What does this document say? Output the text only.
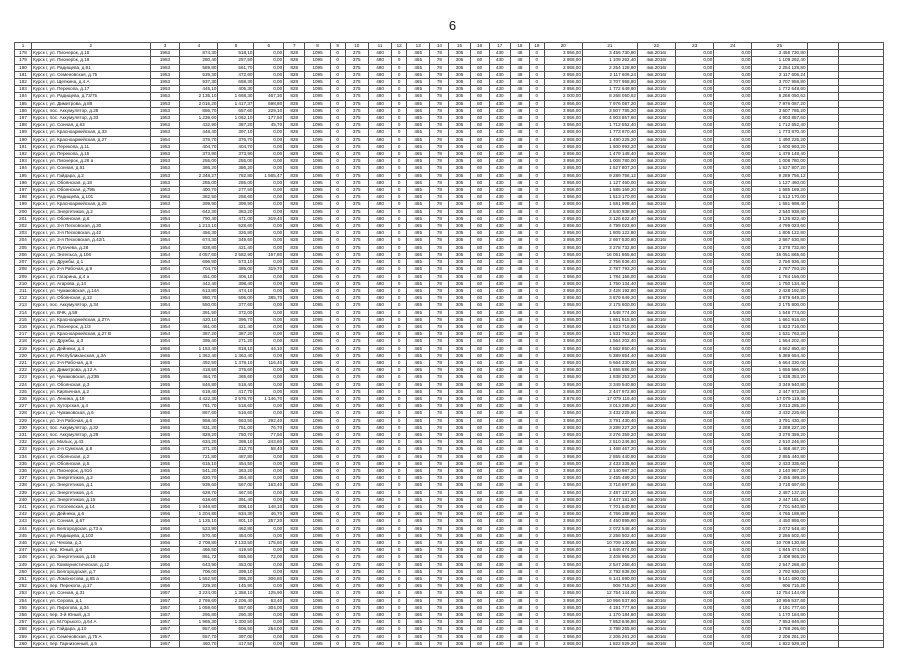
6
1	2	3	4	5	6	7	8	9	10	11	12	13	14	15	16	17	18	19	20	21	22	23	24	25		
178	Курск г, ул. Пионерок, д.15	1953	874,30	518,10	0,00	828	1095	0	375	480	0	465	78	305	60	430	48	0	3 956,00	3 456 730,80	4кв.2016г	0,00	0,00	3 456 730,80		
179	Курск г, ул. Пионерок, д.19	1953	280,40	257,50	0,00	828	1095	0	375	480	0	465	78	305	60	430	48	0	3 956,00	1 109 262,40	4кв.2016г	0,00	0,00	1 109 262,40		
180	Курск г, ул. Радищева, д.91	1953	589,80	561,70	0,00	828	1095	0	375	480	0	465	78	305	60	430	48	0	3 956,00	2 254 128,80	4кв.2016г	0,00	0,00	2 254 128,80		
181	Курск г, ул. Семеновская, д.75	1953	535,30	472,60	0,00	828	1095	0	375	480	0	465	78	305	60	430	48	0	3 956,00	2 117 606,24	4кв.2016г	0,00	0,00	2 117 606,24		
182	Курск г, ул. Щепкина, д.4 А	1953	937,30	658,30	0,00	828	1095	0	375	480	0	465	78	305	60	430	48	0	3 956,00	3 707 958,80	4кв.2016г	0,00	0,00	3 707 958,80		
183	Курск г, ул. Перекопа, д.17	1953	445,10	405,30	0,00	828	1095	0	375	480	0	465	78	305	60	430	48	0	3 956,00	1 772 649,60	4кв.2016г	0,00	0,00	1 772 649,60		
184	Курск г, ул. Радищева, д.73/75	1953	2 135,10	1 668,30	467,30	828	1095	0	375	480	0	465	78	305	60	430	48	0	2 000,00	8 268 050,62	4кв.2016г	0,00	0,00	8 268 050,62		
185	Курск г, ул. Димитрова, д.88	1953	2 016,20	1 417,37	598,80	828	1095	0	375	480	0	465	78	305	60	430	48	0	3 956,00	7 976 087,20	4кв.2016г	0,00	0,00	7 976 087,20		
186	Курск г, пос. Аккумулятор, д.28	1953	886,70	657,60	229,10	828	1095	0	375	480	0	465	78	305	60	430	48	0	3 956,00	3 507 785,20	4кв.2016г	0,00	0,00	3 507 785,20		
187	Курск г, пос. Аккумулятор, д.33	1953	1 239,60	1 062,10	177,50	828	1095	0	375	480	0	465	78	305	60	430	48	0	3 956,00	4 903 857,60	4кв.2016г	0,00	0,00	4 903 857,60		
188	Курск г, ул. Сонная, д.63	1953	432,90	387,20	45,70	828	1095	0	375	480	0	465	78	305	60	430	48	0	3 956,00	1 712 552,40	4кв.2016г	0,00	0,00	1 712 552,40		
189	Курск г, ул. Красноармейская, д.33	1953	448,40	397,10	0,00	828	1095	0	375	480	0	465	78	305	60	430	48	0	3 956,00	1 773 870,40	4кв.2016г	0,00	0,00	1 773 870,40		
190	Курск г, ул. Красноармейская, д.27	1954	376,70	376,70	0,00	828	1095	0	375	480	0	465	78	305	60	430	48	0	3 956,00	1 490 225,20	4кв.2016г	0,00	0,00	1 490 225,20		
191	Курск г, ул. Перекопа, д.11	1953	404,70	404,70	0,00	828	1095	0	375	480	0	465	78	305	60	430	48	0	3 956,00	1 600 993,20	4кв.2016г	0,00	0,00	1 600 993,20		
192	Курск г, ул. Перекопа, д.15	1953	373,90	373,90	0,00	828	1095	0	375	480	0	465	78	305	60	430	48	0	3 956,00	1 479 148,40	4кв.2016г	0,00	0,00	1 479 148,40		
193	Курск г, ул. Пионерок, д.26 а	1953	255,00	255,00	0,00	828	1095	0	375	480	0	465	78	305	60	430	48	0	3 956,00	1 008 780,00	4кв.2016г	0,00	0,00	1 008 780,00		
194	Курск г, ул. Сонная, д.61	1953	386,20	386,20	0,00	828	1095	0	375	480	0	465	78	305	60	430	48	0	3 956,00	1 527 807,20	4кв.2016г	0,00	0,00	1 527 807,20		
195	Курск г, ул. Гайдара, д.2	1953	2 348,27	782,80	1 565,47	828	1095	0	375	480	0	465	78	305	60	430	48	0	3 956,00	9 289 756,12	4кв.2016г	0,00	0,00	9 289 756,12		
196	Курск г, ул. Обоянская, д.18	1953	285,00	285,00	0,00	828	1095	0	375	480	0	465	78	305	60	430	48	0	3 956,00	1 127 460,00	4кв.2016г	0,00	0,00	1 127 460,00		
197	Курск г, ул. Обоянская, д.79Б	1953	400,70	277,50	0,00	828	1095	0	375	480	0	465	78	305	60	430	48	0	3 956,00	1 585 169,20	4кв.2016г	0,00	0,00	1 585 169,20		
198	Курск г, ул. Радищева, д.101	1953	382,50	258,60	0,00	828	1095	0	375	480	0	465	78	305	60	430	48	0	3 956,00	1 513 170,00	4кв.2016г	0,00	0,00	1 513 170,00		
199	Курск г, ул. Красноармейская, д.25	1953	399,90	399,90	0,00	828	1095	0	375	480	0	465	78	305	60	430	48	0	3 956,00	1 581 998,40	4кв.2016г	0,00	0,00	1 581 998,40		
200	Курск г, ул. Энергетиков, д.2	1954	642,30	383,20	0,00	828	1095	0	375	480	0	465	78	305	60	430	48	0	3 956,00	2 540 938,80	4кв.2016г	0,00	0,00	2 540 938,80		
201	Курск г, ул. Обоянская, д.6	1954	790,40	471,00	319,40	828	1095	0	375	480	0	465	78	305	60	430	48	0	3 956,00	3 126 822,40	4кв.2016г	0,00	0,00	3 126 822,40		
202	Курск г, ул. 3-я Песковская, д.30	1954	1 213,10	528,60	0,00	828	1095	0	375	480	0	465	78	305	60	430	48	0	3 956,00	4 799 023,60	4кв.2016г	0,00	0,00	4 799 023,60		
203	Курск г, ул. 3-я Песковская, д.42	1954	456,30	326,80	0,00	828	1095	0	375	480	0	465	78	305	60	430	48	0	3 956,00	1 805 122,80	4кв.2016г	0,00	0,00	1 805 122,80		
204	Курск г, ул. 3-я Песковская, д.42/1	1954	674,30	349,60	0,00	828	1095	0	375	480	0	465	78	305	60	430	48	0	3 956,00	2 667 530,80	4кв.2016г	0,00	0,00	2 667 530,80		
205	Курск г, ул. Пугачева, д.28	1954	828,80	421,40	0,00	828	1095	0	375	480	0	465	78	305	60	430	48	0	3 956,00	3 278 732,80	4кв.2016г	0,00	0,00	3 278 732,80		
206	Курск г, ул. Энгельса, д.106	1954	4 057,60	2 582,90	167,80	828	1095	0	375	480	0	465	78	305	60	430	48	0	3 956,00	16 051 865,60	4кв.2016г	0,00	0,00	16 051 865,60		
207	Курск г, ул. Дружбы, д.1	1954	696,90	573,10	0,00	828	1095	0	375	480	0	465	78	305	60	430	48	0	3 956,00	2 756 936,40	4кв.2016г	0,00	0,00	2 756 936,40		
208	Курск г, ул. 2-я Рабочая, д.9	1954	704,70	385,00	319,70	828	1095	0	375	480	0	465	78	305	60	430	48	0	3 956,00	2 787 793,20	4кв.2016г	0,00	0,00	2 787 793,20		
209	Курск г, ул. Гагарина, д.4 а	1954	451,00	406,10	0,00	828	1095	0	375	480	0	465	78	305	60	430	48	0	3 956,00	1 784 156,00	4кв.2016г	0,00	0,00	1 784 156,00		
210	Курск г, ул. Агарова, д.14	1954	442,40	398,40	0,00	828	1095	0	375	480	0	465	78	305	60	430	48	0	3 956,00	1 750 134,40	4кв.2016г	0,00	0,00	1 750 134,40		
211	Курск г, ул. Чумаковская, д.14А	1954	613,80	474,10	0,00	828	1095	0	375	480	0	465	78	305	60	430	48	0	3 956,00	2 428 192,80	4кв.2016г	0,00	0,00	2 428 192,80		
212	Курск г, ул. Обоянская, д.12	1954	980,70	595,00	385,70	828	1095	0	375	480	0	465	78	305	60	430	48	0	3 956,00	3 879 649,20	4кв.2016г	0,00	0,00	3 879 649,20		
213	Курск г, пос. Аккумулятор, д.34	1954	550,00	377,60	0,00	828	1095	0	375	480	0	465	78	305	60	430	48	0	3 956,00	2 175 800,00	4кв.2016г	0,00	0,00	2 175 800,00		
214	Курск г, ул. ВЧК, д.59	1954	391,50	372,00	0,00	828	1095	0	375	480	0	465	78	305	60	430	48	0	3 956,00	1 548 774,00	4кв.2016г	0,00	0,00	1 548 774,00		
215	Курск г, ул. Красноармейская, д.27А	1954	420,10	396,70	0,00	828	1095	0	375	480	0	465	78	305	60	430	48	0	3 956,00	1 661 915,60	4кв.2016г	0,00	0,00	1 661 915,60		
216	Курск г, ул. Пионерок, д.1/3	1954	461,00	421,40	0,00	828	1095	0	375	480	0	465	78	305	60	430	48	0	3 956,00	1 823 716,00	4кв.2016г	0,00	0,00	1 823 716,00		
217	Курск г, ул. Красноармейская, д.27 В	1954	387,20	387,20	0,00	828	1095	0	375	480	0	465	78	305	60	430	48	0	3 956,00	1 531 763,20	4кв.2016г	0,00	0,00	1 531 763,20		
218	Курск г, ул. Дружбы, д.3	1954	395,40	271,20	0,00	828	1095	0	375	480	0	465	78	305	60	430	48	0	3 956,00	1 564 202,40	4кв.2016г	0,00	0,00	1 564 202,40		
219	Курск г, ул. Дейнеки, д.4	1955	1 153,40	818,10	44,10	828	1095	0	375	480	0	465	78	305	60	430	48	0	3 956,00	4 562 850,40	4кв.2016г	0,00	0,00	4 562 850,40		
220	Курск г, ул. Республиканская, д.3А	1955	1 362,40	1 363,40	0,00	828	1095	0	375	480	0	465	78	305	60	430	48	0	3 956,00	5 389 654,40	4кв.2016г	0,00	0,00	5 389 654,40		
221	Курск г, ул. 2-я Рабочая, д.8	1955	492,50	1 378,10	116,40	828	1095	0	375	480	0	465	78	305	60	430	48	0	3 956,00	5 664 330,00	4кв.2016г	0,00	0,00	5 664 330,00		
222	Курск г, ул. Димитрова, д.12 А	1955	418,50	376,60	0,00	828	1095	0	375	480	0	465	78	305	60	430	48	0	3 956,00	1 655 586,00	4кв.2016г	0,00	0,00	1 655 586,00		
223	Курск г, ул. Чумаковская, д.23Б	1955	464,70	365,60	0,00	828	1095	0	375	480	0	465	78	305	60	430	48	0	3 956,00	1 838 353,20	4кв.2016г	0,00	0,00	1 838 353,20		
224	Курск г, ул. Обоянская, д.3	1955	846,80	518,40	0,00	828	1095	0	375	480	0	465	78	305	60	430	48	0	3 956,00	3 349 940,80	4кв.2016г	0,00	0,00	3 349 940,80		
225	Курск г, ул. Кирпичная, д.2	1955	619,40	417,70	0,00	828	1095	0	375	480	0	465	78	305	60	430	48	0	3 956,00	2 447 972,80	4кв.2016г	0,00	0,00	2 447 972,80		
226	Курск г, ул. Ленина, д.19	1955	4 422,30	2 576,70	1 146,70	828	1095	0	375	480	0	465	78	305	60	430	48	0	3 878,00	17 079 119,40	4кв.2016г	0,00	0,00	17 079 119,40		
227	Курск г, ул. Хуторская, д.4	1955	761,70	518,60	0,00	828	1095	0	375	480	0	465	78	305	60	430	48	0	3 956,00	3 013 285,20	4кв.2016г	0,00	0,00	3 013 285,20		
228	Курск г, ул. Чумаковская, д.6	1955	867,60	516,60	0,00	828	1095	0	375	480	0	465	78	305	60	430	48	0	3 956,00	3 432 225,60	4кв.2016г	0,00	0,00	3 432 225,60		
229	Курск г, ул. 2-я Рабочая, д.6	1955	958,40	663,50	292,40	828	1095	0	375	480	0	465	78	305	60	430	48	0	3 956,00	3 791 430,40	4кв.2016г	0,00	0,00	3 791 430,40		
230	Курск г, пос. Аккумулятор, д.32	1955	831,20	751,00	76,70	828	1095	0	375	480	0	465	78	305	60	430	48	0	3 956,00	3 288 227,20	4кв.2016г	0,00	0,00	3 288 227,20		
231	Курск г, пос. Аккумулятор, д.29	1955	828,20	750,70	77,50	828	1095	0	375	480	0	465	78	305	60	430	48	0	3 956,00	3 276 359,20	4кв.2016г	0,00	0,00	3 276 359,20		
232	Курск г, ул. Малых, д.43	1955	634,20	398,10	243,60	828	1095	0	375	480	0	465	78	305	60	430	48	0	3 956,00	2 510 246,80	4кв.2016г	0,00	0,00	2 510 246,80		
233	Курск г, ул. 2-я Сумская, д.8	1955	371,20	312,70	58,40	828	1095	0	375	480	0	465	78	305	60	430	48	0	3 956,00	1 468 467,20	4кв.2016г	0,00	0,00	1 468 467,20		
234	Курск г, ул. Обоянская, д.2	1955	721,80	487,80	0,00	828	1095	0	375	480	0	465	78	305	60	430	48	0	3 956,00	2 855 440,80	4кв.2016г	0,00	0,00	2 855 440,80		
235	Курск г, ул. Обоянская, д.5	1955	615,10	454,50	0,00	828	1095	0	375	480	0	465	78	305	60	430	48	0	3 956,00	2 433 335,60	4кв.2016г	0,00	0,00	2 433 335,60		
236	Курск г, ул. Пионерок, д.91б	1955	541,20	363,20	0,00	828	1095	0	375	480	0	465	78	305	60	430	48	0	3 956,00	2 140 987,20	4кв.2016г	0,00	0,00	2 140 987,20		
237	Курск г, ул. Энергетиков, д.2	1956	620,70	364,40	0,00	828	1095	0	375	480	0	465	78	305	60	430	48	0	3 956,00	2 455 489,20	4кв.2016г	0,00	0,00	2 455 489,20		
238	Курск г, ул. Энергетиков, д.1	1956	939,60	567,00	163,40	828	1095	0	375	480	0	465	78	305	60	430	48	0	3 956,00	3 716 697,60	4кв.2016г	0,00	0,00	3 716 697,60		
239	Курск г, ул. Энергетиков, д.4	1956	628,70	467,50	0,00	828	1095	0	375	480	0	465	78	305	60	430	48	0	3 956,00	2 487 137,20	4кв.2016г	0,00	0,00	2 487 137,20		
240	Курск г, ул. Энергетиков, д.15	1956	618,60	391,40	0,00	828	1095	0	375	480	0	465	78	305	60	430	48	0	3 956,00	2 447 181,60	4кв.2016г	0,00	0,00	2 447 181,60		
241	Курск г, ул. Гоголевская, д.14	1956	1 946,80	808,10	148,10	828	1095	0	375	480	0	465	78	305	60	430	48	0	3 956,00	7 701 540,80	4кв.2016г	0,00	0,00	7 701 540,80		
242	Курск г, ул. Дейнеки, д.6	1956	1 204,80	634,30	46,70	828	1095	0	375	480	0	465	78	305	60	430	48	0	3 956,00	4 766 188,80	4кв.2016г	0,00	0,00	4 766 188,80		
243	Курск г, ул. Сонная, д.67	1956	1 125,10	801,10	257,20	828	1095	0	375	480	0	465	78	305	60	430	48	0	3 956,00	4 450 895,60	4кв.2016г	0,00	0,00	4 450 895,60		
244	Курск г, ул. Белгородская, д.73 а	1956	523,90	462,80	0,00	828	1095	0	375	480	0	465	78	305	60	430	48	0	3 956,00	2 072 548,40	4кв.2016г	0,00	0,00	2 072 548,40		
245	Курск г, ул. Радищева, д.103	1956	570,40	454,00	0,00	828	1095	0	375	480	0	465	78	305	60	430	48	0	3 956,00	2 256 502,40	4кв.2016г	0,00	0,00	2 256 502,40		
246	Курск г, ул. Чехова, д.3	1956	2 708,80	2 133,50	175,60	828	1095	0	375	480	0	465	78	305	60	430	48	0	3 956,00	10 709 130,80	4кв.2016г	0,00	0,00	10 709 130,80		
247	Курск г, пер. Юный, д.6	1956	466,50	419,50	0,00	828	1095	0	375	480	0	465	78	305	60	430	48	0	3 956,00	1 845 474,00	4кв.2016г	0,00	0,00	1 845 474,00		
248	Курск г, ул. Энергетиков, д.18	1956	861,72	655,50	72,00	828	1095	0	375	480	0	465	78	305	60	430	48	0	3 956,00	3 408 965,20	4кв.2016г	0,00	0,00	3 408 965,20		
249	Курск г, ул. Коммунистическая, д.12	1956	643,90	453,00	0,00	828	1095	0	375	480	0	465	78	305	60	430	48	0	3 956,00	2 547 268,40	4кв.2016г	0,00	0,00	2 547 268,40		
250	Курск г, ул. Белгородская, д.7	1956	706,00	399,10	0,00	828	1095	0	375	480	0	465	78	305	60	430	48	0	3 956,00	2 792 936,00	4кв.2016г	0,00	0,00	2 792 936,00		
251	Курск г, ул. Ломоносова, д.85 а	1956	1 552,50	395,20	306,80	828	1095	0	375	480	0	465	78	305	60	430	48	0	3 956,00	6 141 690,00	4кв.2016г	0,00	0,00	6 141 690,00		
252	Курск г, пер. Перекопа, д.17	1956	229,20	145,90	0,00	828	1095	0	375	480	0	465	78	305	60	430	48	0	3 956,00	906 715,20	4кв.2016г	0,00	0,00	906 715,20		
253	Курск г, ул. Сонная, д.31	1957	3 224,00	1 358,10	125,90	828	1095	0	375	480	0	465	78	305	60	430	48	0	3 956,00	12 754 144,00	4кв.2016г	0,00	0,00	12 754 144,00		
254	Курск г, ул. Серова, д.1	1957	2 769,60	2 206,40	63,40	828	1095	0	375	480	0	465	78	305	60	430	48	0	3 956,00	10 956 537,60	4кв.2016г	0,00	0,00	10 956 537,60		
255	Курск г, ул. Пирогова, д.34	1957	1 059,60	557,60	304,00	828	1095	0	375	480	0	465	78	305	60	430	48	0	3 956,00	4 191 777,60	4кв.2016г	0,00	0,00	4 191 777,60		
256	Курск г, пер. 3-й Юный, д.3	1957	295,80	290,30	0,00	828	1095	0	375	480	0	465	78	305	60	430	48	0	3 956,00	1 170 184,80	4кв.2016г	0,00	0,00	1 170 184,80		
257	Курск г, ул. М.Горького, д.64 А	1957	1 985,30	1 300,50	0,00	828	1095	0	375	480	0	465	78	305	60	430	48	0	3 956,00	7 853 846,80	4кв.2016г	0,00	0,00	7 853 846,80		
258	Курск г, ул. Гайдара, д.10	1957	957,60	606,50	254,00	828	1095	0	375	480	0	465	78	305	60	430	48	0	3 956,00	3 788 265,60	4кв.2016г	0,00	0,00	3 788 265,60		
259	Курск г, ул. Семеновская, д.75 А	1957	557,70	397,00	0,00	828	1095	0	375	480	0	465	78	305	60	430	48	0	3 956,00	2 206 261,20	4кв.2016г	0,00	0,00	2 206 261,20		
260	Курск г, пер. Гарнизонный, д.5	1957	460,70	417,50	0,00	828	1095	0	375	480	0	465	78	305	60	430	48	0	3 956,00	1 822 529,20	4кв.2016г	0,00	0,00	1 822 529,20		
